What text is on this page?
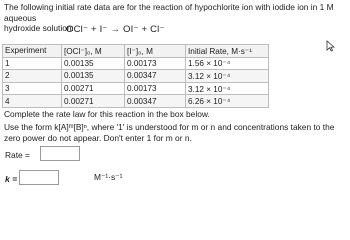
The following initial rate data are for the reaction of hypochlorite ion with iodide ion in 1 M aqueous
hydroxide solution:
OCl⁻ + I⁻ → OI⁻ + Cl⁻
Experiment	[OCl⁻]₀, M	[I⁻]₀, M	Initial Rate, M·s⁻¹
1	0.00135	0.00173	1.56 × 10⁻⁴
2	0.00135	0.00347	3.12 × 10⁻⁴
3	0.00271	0.00173	3.12 × 10⁻⁴
4	0.00271	0.00347	6.26 × 10⁻⁴
Complete the rate law for this reaction in the box below.
Use the form k[A]ᵐ[B]ⁿ, where '1' is understood for m or n and concentrations taken to the zero power do not appear. Don't enter 1 for m or n.
Rate =
k =	M⁻¹·s⁻¹
